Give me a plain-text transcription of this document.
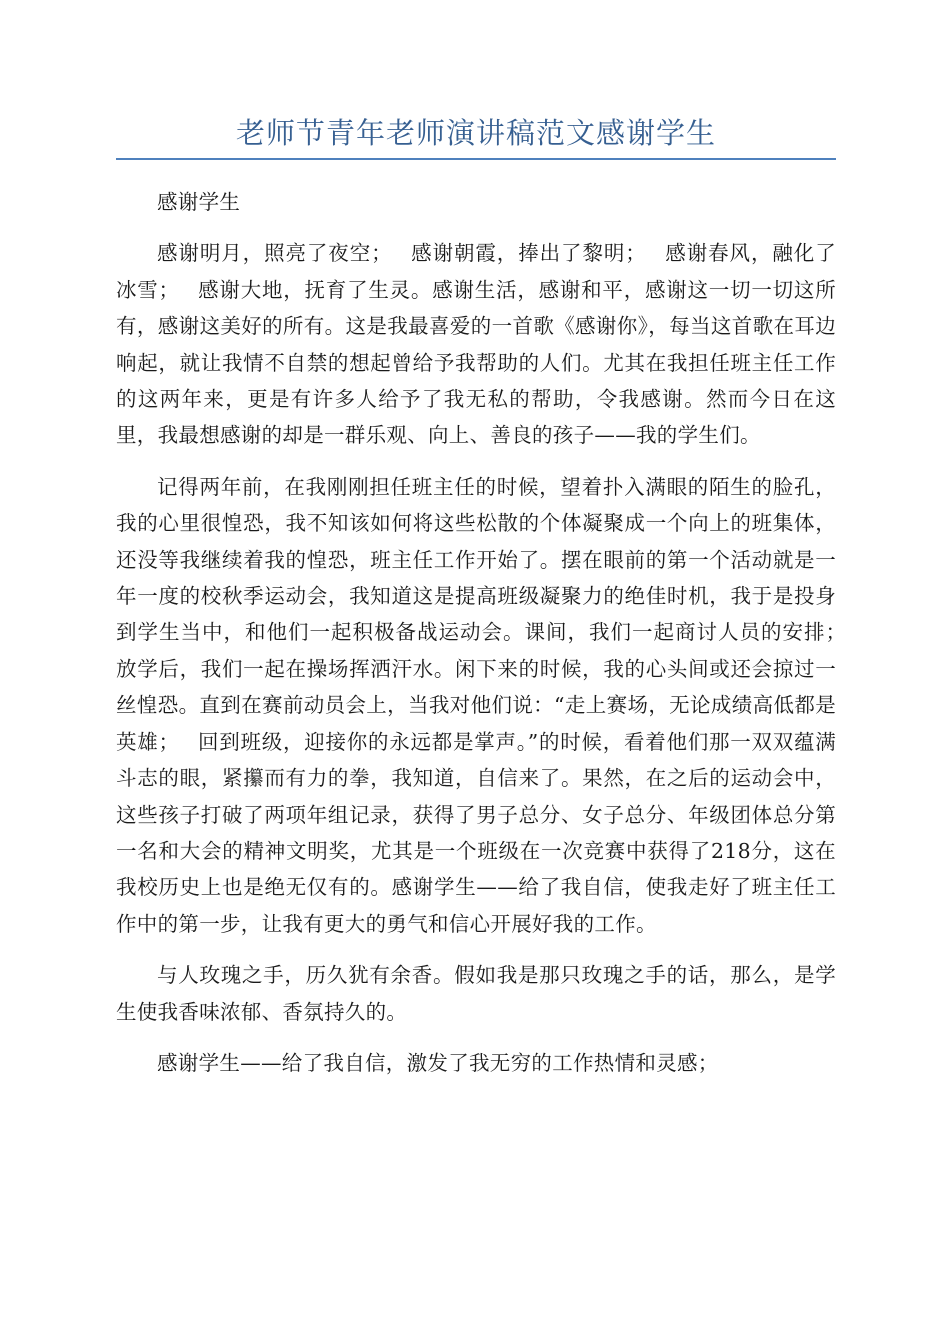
老师节青年老师演讲稿范文感谢学生

感谢学生

感谢明月，照亮了夜空；　 感谢朝霞，捧出了黎明；　 感谢春风，融化了冰雪；　 感谢大地，抚育了生灵。感谢生活，感谢和平，感谢这一切一切这所有，感谢这美好的所有。这是我最喜爱的一首歌《感谢你》，每当这首歌在耳边响起，就让我情不自禁的想起曾给予我帮助的人们。尤其在我担任班主任工作的这两年来，更是有许多人给予了我无私的帮助，令我感谢。然而今日在这里，我最想感谢的却是一群乐观、向上、善良的孩子——我的学生们。

记得两年前，在我刚刚担任班主任的时候，望着扑入满眼的陌生的脸孔，我的心里很惶恐，我不知该如何将这些松散的个体凝聚成一个向上的班集体，还没等我继续着我的惶恐，班主任工作开始了。摆在眼前的第一个活动就是一年一度的校秋季运动会，我知道这是提高班级凝聚力的绝佳时机，我于是投身到学生当中，和他们一起积极备战运动会。课间，我们一起商讨人员的安排；　 放学后，我们一起在操场挥洒汗水。闲下来的时候，我的心头间或还会掠过一丝惶恐。直到在赛前动员会上，当我对他们说：“走上赛场，无论成绩高低都是英雄；　 回到班级，迎接你的永远都是掌声。”的时候，看着他们那一双双蕴满斗志的眼，紧攥而有力的拳，我知道，自信来了。果然，在之后的运动会中，这些孩子打破了两项年组记录，获得了男子总分、女子总分、年级团体总分第一名和大会的精神文明奖，尤其是一个班级在一次竞赛中获得了218分，这在我校历史上也是绝无仅有的。感谢学生——给了我自信，使我走好了班主任工作中的第一步，让我有更大的勇气和信心开展好我的工作。

与人玫瑰之手，历久犹有余香。假如我是那只玫瑰之手的话，那么，是学生使我香味浓郁、香氛持久的。

感谢学生——给了我自信，激发了我无穷的工作热情和灵感；
